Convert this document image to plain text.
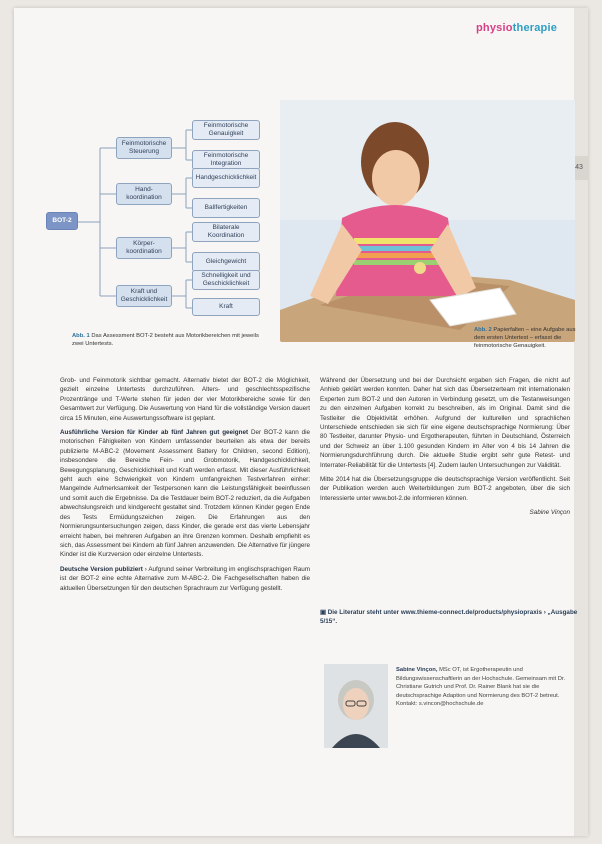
physiotherapie
43
BOT-2
Feinmotorische Steuerung
Feinmotorische Genauigkeit
Feinmotorische Integration
Hand-koordination
Handgeschicklichkeit
Ballfertigkeiten
Körper-koordination
Bilaterale Koordination
Gleichgewicht
Kraft und Geschicklichkeit
Schnelligkeit und Geschicklichkeit
Kraft
Abb. 1 Das Assessment BOT-2 besteht aus Motorikbereichen mit jeweils zwei Untertests.
Abb. 2 Papierfalten – eine Aufgabe aus dem ersten Untertest – erfasst die feinmotorische Genauigkeit.

Grob- und Feinmotorik sichtbar gemacht. Alternativ bietet der BOT-2 die Möglichkeit, gezielt einzelne Untertests durchzuführen. Alters- und geschlechtsspezifische Prozentränge und T-Werte stehen für jeden der vier Motorikbereiche sowie für den Gesamtwert zur Verfügung. Die Auswertung von Hand für die vollständige Version dauert circa 15 Minuten, eine Auswertungssoftware ist geplant.

Ausführliche Version für Kinder ab fünf Jahren gut geeignet Der BOT-2 kann die motorischen Fähigkeiten von Kindern umfassender beurteilen als etwa der bereits publizierte M-ABC-2 (Movement Assessment Battery for Children, second Edition), insbesondere die Bereiche Fein- und Grobmotorik, Handgeschicklichkeit, Bewegungsplanung, Geschicklichkeit und Kraft werden erfasst. Mit dieser Ausführlichkeit geht auch eine Schwierigkeit von Kindern umfangreichen Testverfahren einher: Mangelnde Aufmerksamkeit der Testpersonen kann die Leistungsfähigkeit beeinflussen und somit auch die Ergebnisse. Da die Testdauer beim BOT-2 reduziert, da die Aufgaben abwechslungsreich und kindgerecht gestaltet sind. Trotzdem können Kinder gegen Ende des Tests Ermüdungszeichen zeigen. Die Erfahrungen aus den Normierungsuntersuchungen zeigen, dass Kinder, die gerade erst das vierte Lebensjahr erreicht haben, bei mehreren Aufgaben an ihre Grenzen kommen. Deshalb empfiehlt es sich, das Assessment bei Kindern ab fünf Jahren anzuwenden. Die Alternative für jüngere Kinder ist die Kurzversion oder einzelne Untertests.

Deutsche Version publiziert › Aufgrund seiner Verbreitung im englischsprachigen Raum ist der BOT-2 eine echte Alternative zum M-ABC-2. Die Fachgesellschaften haben die aktuellen Übersetzungen für den deutschen Sprachraum zur Verfügung gestellt.

Während der Übersetzung und bei der Durchsicht ergaben sich Fragen, die nicht auf Anhieb geklärt werden konnten. Daher hat sich das Übersetzerteam mit internationalen Experten zum BOT-2 und den Autoren in Verbindung gesetzt, um die Testanweisungen zu den einzelnen Aufgaben korrekt zu beschreiben, als im Original. Damit sind die Testleiter die Objektivität erhöhen. Aufgrund der kulturellen und sprachlichen Unterschiede entschieden sie sich für eine eigene deutschsprachige Normierung: Über 80 Testleiter, darunter Physio- und Ergotherapeuten, führten in Deutschland, Österreich und der Schweiz an über 1.100 gesunden Kindern im Alter von 4 bis 14 Jahren die Normierungsdurchführung durch. Die aktuelle Studie ergibt sehr gute Retest- und Interrater-Reliabilität für die Untertests [4]. Zudem laufen Untersuchungen zur Validität.

Mitte 2014 hat die Übersetzungsgruppe die deutschsprachige Version veröffentlicht. Seit der Publikation werden auch Weiterbildungen zum BOT-2 angeboten, über die sich Interessierte unter www.bot-2.de informieren können.

Sabine Vinçon

▣ Die Literatur steht unter www.thieme-connect.de/products/physiopraxis › „Ausgabe 5/15“.
Sabine Vinçon, MSc OT, ist Ergotherapeutin und Bildungswissenschaftlerin an der Hochschule. Gemeinsam mit Dr. Christiane Gutrich und Prof. Dr. Rainer Blank hat sie die deutschsprachige Adaption und Normierung des BOT-2 betreut.
Kontakt: s.vincon@hochschule.de
